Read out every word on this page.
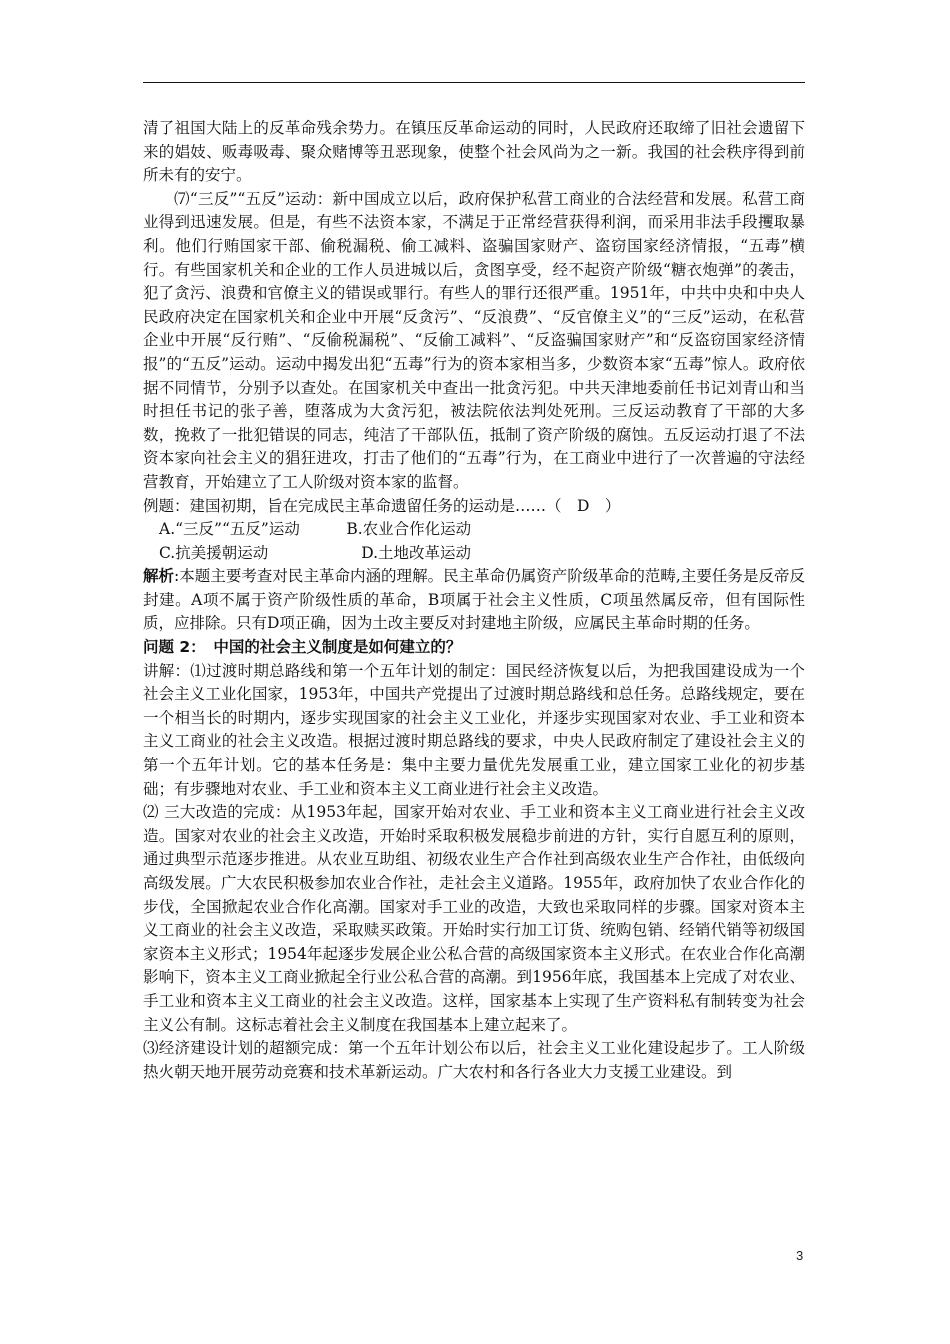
清了祖国大陆上的反革命残余势力。在镇压反革命运动的同时，人民政府还取缔了旧社会遗留下来的娼妓、贩毒吸毒、聚众赌博等丑恶现象，使整个社会风尚为之一新。我国的社会秩序得到前所未有的安宁。

⑺“三反”“五反”运动：新中国成立以后，政府保护私营工商业的合法经营和发展。私营工商业得到迅速发展。但是，有些不法资本家，不满足于正常经营获得利润，而采用非法手段攫取暴利。他们行贿国家干部、偷税漏税、偷工减料、盗骗国家财产、盗窃国家经济情报，“五毒”横行。有些国家机关和企业的工作人员进城以后，贪图享受，经不起资产阶级“糖衣炮弹”的袭击，犯了贪污、浪费和官僚主义的错误或罪行。有些人的罪行还很严重。1951年，中共中央和中央人民政府决定在国家机关和企业中开展“反贪污”、“反浪费”、“反官僚主义”的“三反”运动，在私营企业中开展“反行贿”、“反偷税漏税”、“反偷工减料”、“反盗骗国家财产”和“反盗窃国家经济情报”的“五反”运动。运动中揭发出犯“五毒”行为的资本家相当多，少数资本家“五毒”惊人。政府依据不同情节，分别予以查处。在国家机关中查出一批贪污犯。中共天津地委前任书记刘青山和当时担任书记的张子善，堕落成为大贪污犯，被法院依法判处死刑。三反运动教育了干部的大多数，挽救了一批犯错误的同志，纯洁了干部队伍，抵制了资产阶级的腐蚀。五反运动打退了不法资本家向社会主义的猖狂进攻，打击了他们的“五毒”行为，在工商业中进行了一次普遍的守法经营教育，开始建立了工人阶级对资本家的监督。

例题：建国初期，旨在完成民主革命遗留任务的运动是……（　D　）

A.“三反”“五反”运动　　　B.农业合作化运动

C.抗美援朝运动　　　　　　D.土地改革运动

解析:本题主要考查对民主革命内涵的理解。民主革命仍属资产阶级革命的范畴,主要任务是反帝反封建。A项不属于资产阶级性质的革命，B项属于社会主义性质，C项虽然属反帝，但有国际性质，应排除。只有D项正确，因为土改主要反对封建地主阶级，应属民主革命时期的任务。

问题 2：　中国的社会主义制度是如何建立的？

讲解：⑴过渡时期总路线和第一个五年计划的制定：国民经济恢复以后，为把我国建设成为一个社会主义工业化国家，1953年，中国共产党提出了过渡时期总路线和总任务。总路线规定，要在一个相当长的时期内，逐步实现国家的社会主义工业化，并逐步实现国家对农业、手工业和资本主义工商业的社会主义改造。根据过渡时期总路线的要求，中央人民政府制定了建设社会主义的第一个五年计划。它的基本任务是：集中主要力量优先发展重工业，建立国家工业化的初步基础；有步骤地对农业、手工业和资本主义工商业进行社会主义改造。

⑵ 三大改造的完成：从1953年起，国家开始对农业、手工业和资本主义工商业进行社会主义改造。国家对农业的社会主义改造，开始时采取积极发展稳步前进的方针，实行自愿互利的原则，通过典型示范逐步推进。从农业互助组、初级农业生产合作社到高级农业生产合作社，由低级向高级发展。广大农民积极参加农业合作社，走社会主义道路。1955年，政府加快了农业合作化的步伐，全国掀起农业合作化高潮。国家对手工业的改造，大致也采取同样的步骤。国家对资本主义工商业的社会主义改造，采取赎买政策。开始时实行加工订货、统购包销、经销代销等初级国家资本主义形式；1954年起逐步发展企业公私合营的高级国家资本主义形式。在农业合作化高潮影响下，资本主义工商业掀起全行业公私合营的高潮。到1956年底，我国基本上完成了对农业、手工业和资本主义工商业的社会主义改造。这样，国家基本上实现了生产资料私有制转变为社会主义公有制。这标志着社会主义制度在我国基本上建立起来了。

⑶经济建设计划的超额完成：第一个五年计划公布以后，社会主义工业化建设起步了。工人阶级热火朝天地开展劳动竞赛和技术革新运动。广大农村和各行各业大力支援工业建设。到

3
